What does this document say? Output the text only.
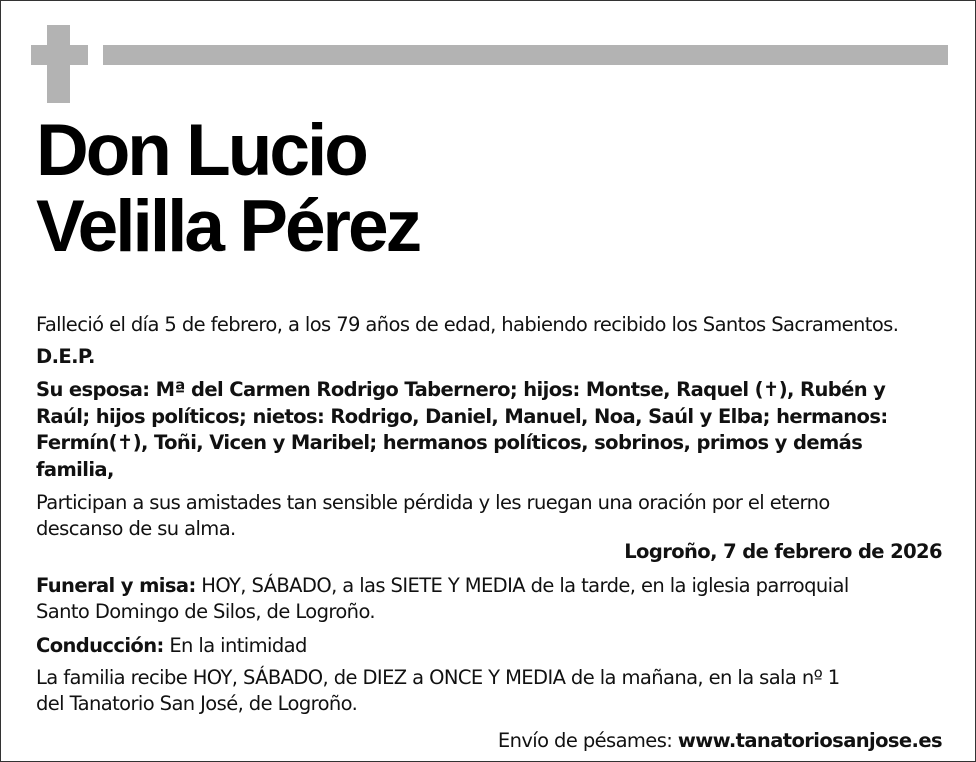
Don Lucio
Velilla Pérez
Falleció el día 5 de febrero, a los 79 años de edad, habiendo recibido los Santos Sacramentos.
D.E.P.
Su esposa: Mª del Carmen Rodrigo Tabernero; hijos: Montse, Raquel (✝), Rubén y
Raúl; hijos políticos; nietos: Rodrigo, Daniel, Manuel, Noa, Saúl y Elba; hermanos:
Fermín(✝), Toñi, Vicen y Maribel; hermanos políticos, sobrinos, primos y demás
familia,
Participan a sus amistades tan sensible pérdida y les ruegan una oración por el eterno
descanso de su alma.
Logroño, 7 de febrero de 2026
Funeral y misa: HOY, SÁBADO, a las SIETE Y MEDIA de la tarde, en la iglesia parroquial
Santo Domingo de Silos, de Logroño.
Conducción: En la intimidad
La familia recibe HOY, SÁBADO, de DIEZ a ONCE Y MEDIA de la mañana, en la sala nº 1
del Tanatorio San José, de Logroño.
Envío de pésames: www.tanatoriosanjose.es
